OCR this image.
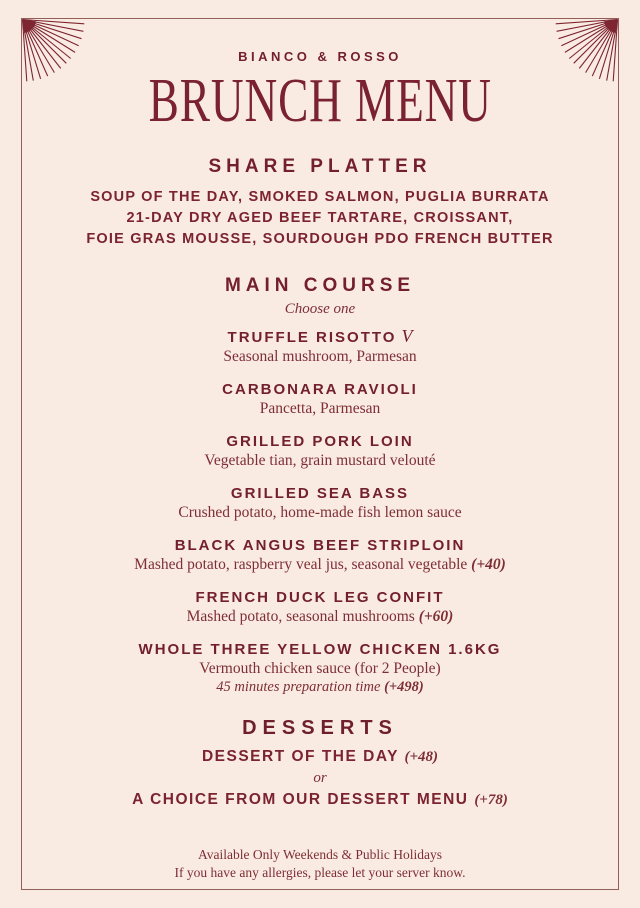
BIANCO & ROSSO
BRUNCH MENU
SHARE PLATTER
SOUP OF THE DAY, SMOKED SALMON, PUGLIA BURRATA
21-DAY DRY AGED BEEF TARTARE, CROISSANT,
FOIE GRAS MOUSSE, SOURDOUGH PDO FRENCH BUTTER
MAIN COURSE
Choose one
TRUFFLE RISOTTO V
Seasonal mushroom, Parmesan
CARBONARA RAVIOLI
Pancetta, Parmesan
GRILLED PORK LOIN
Vegetable tian, grain mustard velouté
GRILLED SEA BASS
Crushed potato, home-made fish lemon sauce
BLACK ANGUS BEEF STRIPLOIN
Mashed potato, raspberry veal jus, seasonal vegetable (+40)
FRENCH DUCK LEG CONFIT
Mashed potato, seasonal mushrooms (+60)
WHOLE THREE YELLOW CHICKEN 1.6KG
Vermouth chicken sauce (for 2 People)
45 minutes preparation time (+498)
DESSERTS
DESSERT OF THE DAY (+48)
or
A CHOICE FROM OUR DESSERT MENU (+78)
Available Only Weekends & Public Holidays
If you have any allergies, please let your server know.
